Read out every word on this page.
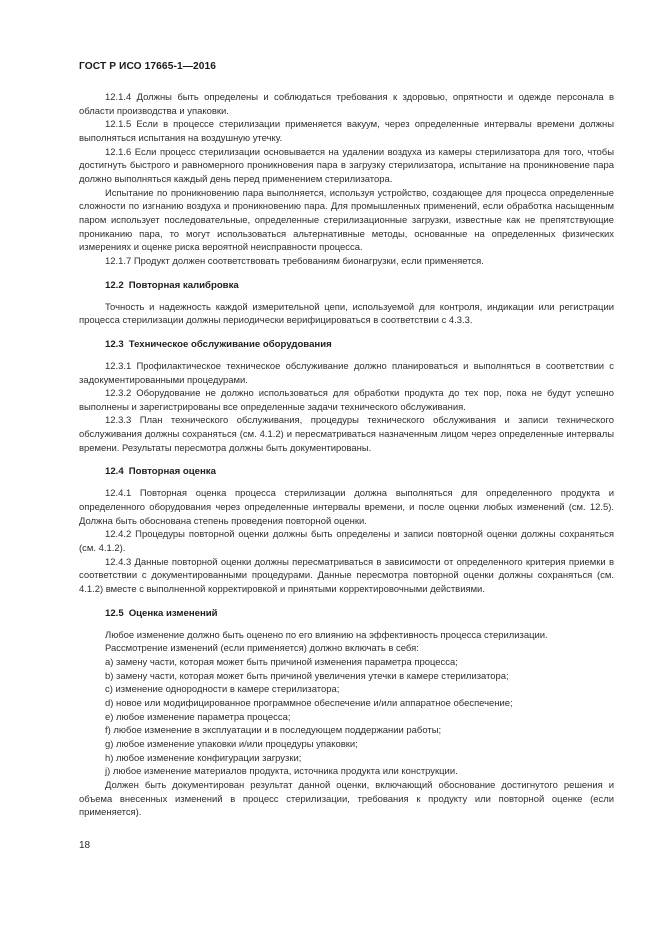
ГОСТ Р ИСО 17665-1—2016

12.1.4 Должны быть определены и соблюдаться требования к здоровью, опрятности и одежде персонала в области производства и упаковки.

12.1.5 Если в процессе стерилизации применяется вакуум, через определенные интервалы времени должны выполняться испытания на воздушную утечку.

12.1.6 Если процесс стерилизации основывается на удалении воздуха из камеры стерилизатора для того, чтобы достигнуть быстрого и равномерного проникновения пара в загрузку стерилизатора, испытание на проникновение пара должно выполняться каждый день перед применением стерилизатора.

Испытание по проникновению пара выполняется, используя устройство, создающее для процесса определенные сложности по изгнанию воздуха и проникновению пара. Для промышленных применений, если обработка насыщенным паром использует последовательные, определенные стерилизационные загрузки, известные как не препятствующие прониканию пара, то могут использоваться альтернативные методы, основанные на определенных физических измерениях и оценке риска вероятной неисправности процесса.

12.1.7 Продукт должен соответствовать требованиям бионагрузки, если применяется.

12.2 Повторная калибровка

Точность и надежность каждой измерительной цепи, используемой для контроля, индикации или регистрации процесса стерилизации должны периодически верифицироваться в соответствии с 4.3.3.

12.3 Техническое обслуживание оборудования

12.3.1 Профилактическое техническое обслуживание должно планироваться и выполняться в соответствии с задокументированными процедурами.

12.3.2 Оборудование не должно использоваться для обработки продукта до тех пор, пока не будут успешно выполнены и зарегистрированы все определенные задачи технического обслуживания.

12.3.3 План технического обслуживания, процедуры технического обслуживания и записи технического обслуживания должны сохраняться (см. 4.1.2) и пересматриваться назначенным лицом через определенные интервалы времени. Результаты пересмотра должны быть документированы.

12.4 Повторная оценка

12.4.1 Повторная оценка процесса стерилизации должна выполняться для определенного продукта и определенного оборудования через определенные интервалы времени, и после оценки любых изменений (см. 12.5). Должна быть обоснована степень проведения повторной оценки.

12.4.2 Процедуры повторной оценки должны быть определены и записи повторной оценки должны сохраняться (см. 4.1.2).

12.4.3 Данные повторной оценки должны пересматриваться в зависимости от определенного критерия приемки в соответствии с документированными процедурами. Данные пересмотра повторной оценки должны сохраняться (см. 4.1.2) вместе с выполненной корректировкой и принятыми корректировочными действиями.

12.5 Оценка изменений

Любое изменение должно быть оценено по его влиянию на эффективность процесса стерилизации.

Рассмотрение изменений (если применяется) должно включать в себя:

a) замену части, которая может быть причиной изменения параметра процесса;

b) замену части, которая может быть причиной увеличения утечки в камере стерилизатора;

c) изменение однородности в камере стерилизатора;

d) новое или модифицированное программное обеспечение и/или аппаратное обеспечение;

e) любое изменение параметра процесса;

f) любое изменение в эксплуатации и в последующем поддержании работы;

g) любое изменение упаковки и/или процедуры упаковки;

h) любое изменение конфигурации загрузки;

j) любое изменение материалов продукта, источника продукта или конструкции.

Должен быть документирован результат данной оценки, включающий обоснование достигнутого решения и объема внесенных изменений в процесс стерилизации, требования к продукту или повторной оценке (если применяется).

18
